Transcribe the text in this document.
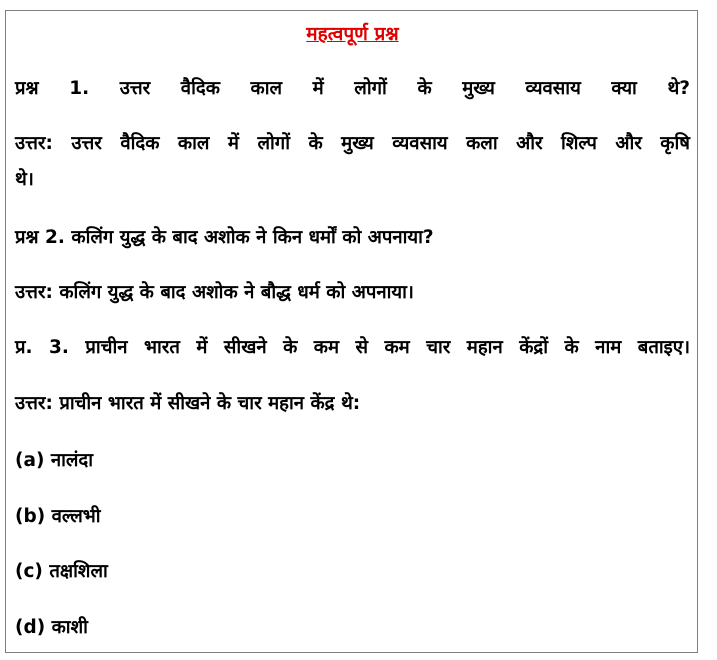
महत्वपूर्ण प्रश्न
प्रश्न 1. उत्तर वैदिक काल में लोगों के मुख्य व्यवसाय क्या थे?
उत्तर: उत्तर वैदिक काल में लोगों के मुख्य व्यवसाय कला और शिल्प और कृषि
थे।
प्रश्न 2. कलिंग युद्ध के बाद अशोक ने किन धर्मों को अपनाया?
उत्तर: कलिंग युद्ध के बाद अशोक ने बौद्ध धर्म को अपनाया।
प्र. 3. प्राचीन भारत में सीखने के कम से कम चार महान केंद्रों के नाम बताइए।
उत्तर: प्राचीन भारत में सीखने के चार महान केंद्र थे:
(a) नालंदा
(b) वल्लभी
(c) तक्षशिला
(d) काशी
